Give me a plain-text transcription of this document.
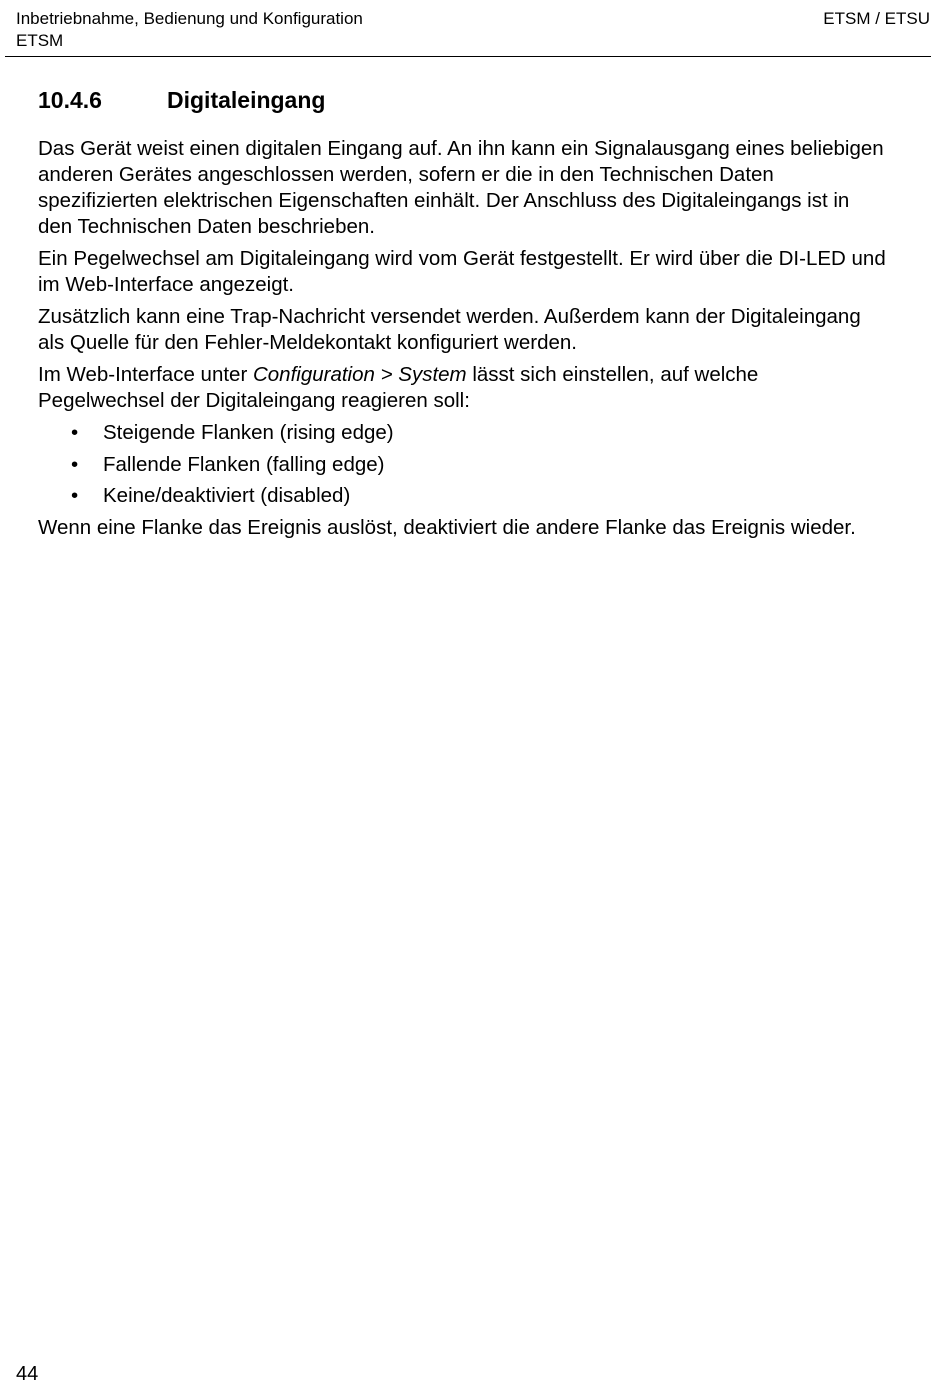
Inbetriebnahme, Bedienung und Konfiguration
ETSM
ETSM / ETSU
10.4.6	Digitaleingang

Das Gerät weist einen digitalen Eingang auf. An ihn kann ein Signalausgang eines beliebigen anderen Gerätes angeschlossen werden, sofern er die in den Technischen Daten spezifizierten elektrischen Eigenschaften einhält. Der Anschluss des Digitaleingangs ist in den Technischen Daten beschrieben.

Ein Pegelwechsel am Digitaleingang wird vom Gerät festgestellt. Er wird über die DI-LED und im Web-Interface angezeigt.

Zusätzlich kann eine Trap-Nachricht versendet werden. Außerdem kann der Digitaleingang als Quelle für den Fehler-Meldekontakt konfiguriert werden.

Im Web-Interface unter Configuration > System lässt sich einstellen, auf welche Pegelwechsel der Digitaleingang reagieren soll:

• Steigende Flanken (rising edge)
• Fallende Flanken (falling edge)
• Keine/deaktiviert (disabled)

Wenn eine Flanke das Ereignis auslöst, deaktiviert die andere Flanke das Ereignis wieder.

44
